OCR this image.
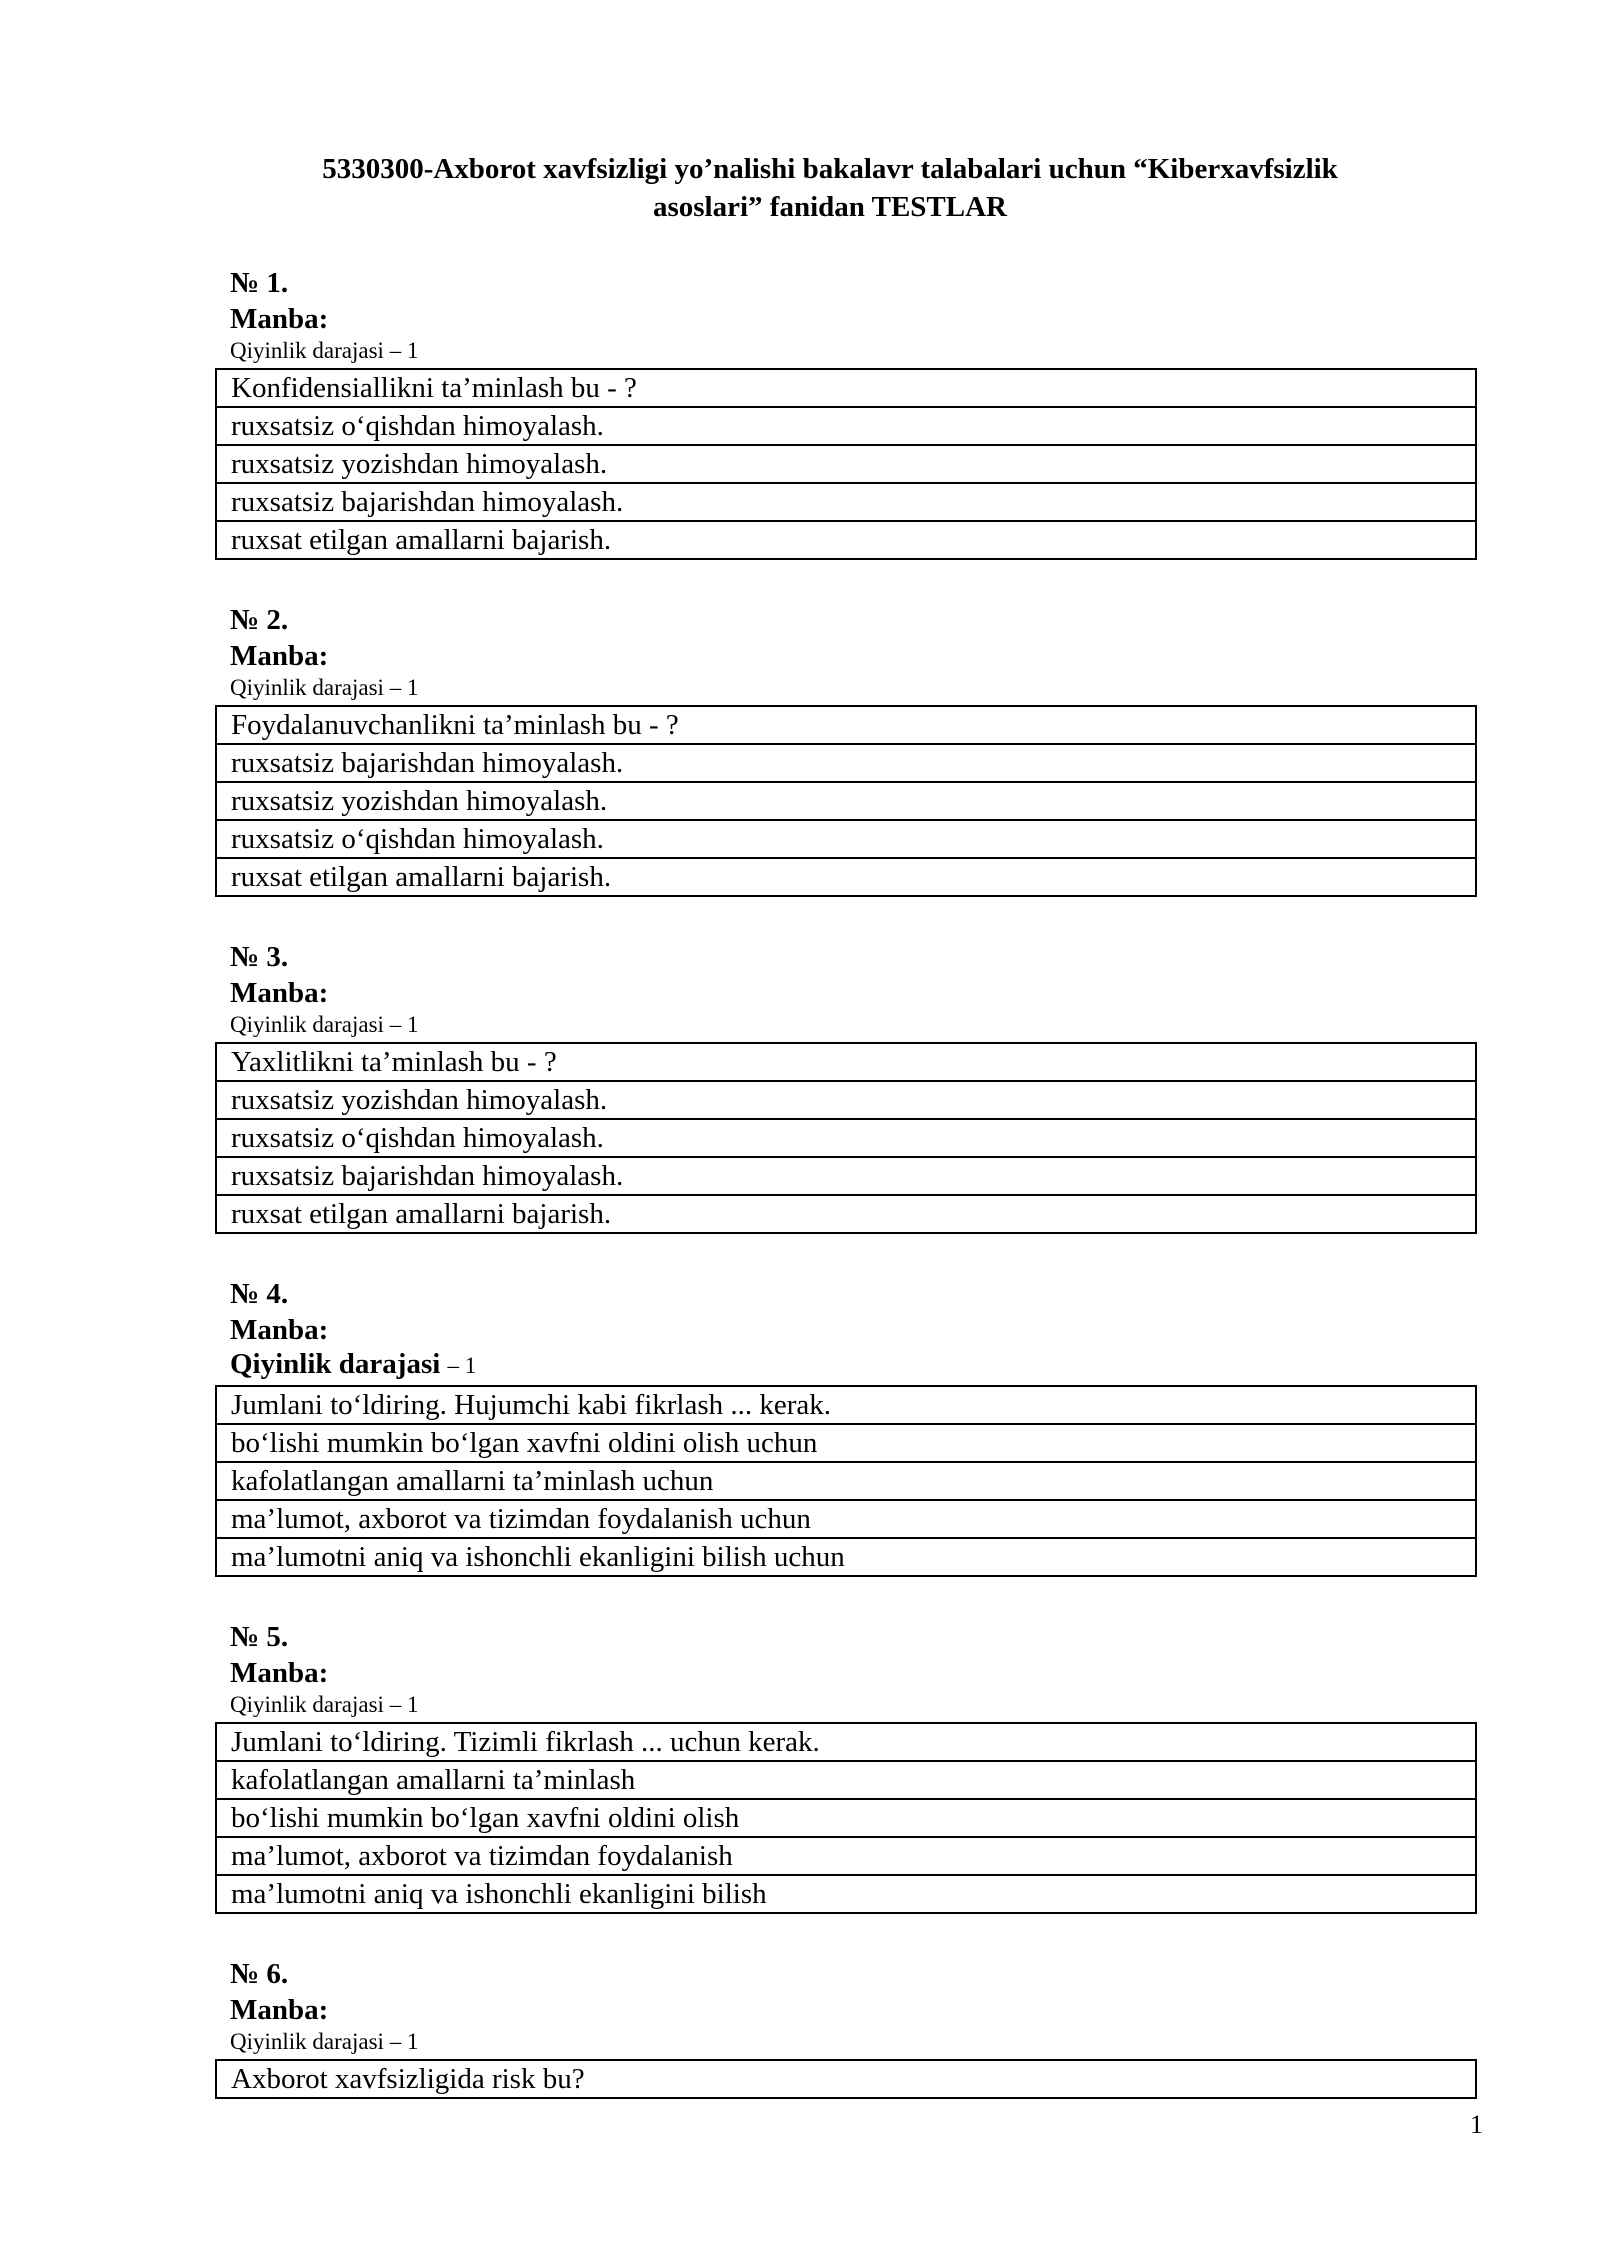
5330300-Axborot xavfsizligi yo’nalishi bakalavr talabalari uchun “Kiberxavfsizlik
asoslari” fanidan TESTLAR
№ 1.
Manba:
Qiyinlik darajasi – 1
Konfidensiallikni ta’minlash bu - ?
ruxsatsiz o‘qishdan himoyalash.
ruxsatsiz yozishdan himoyalash.
ruxsatsiz bajarishdan himoyalash.
ruxsat etilgan amallarni bajarish.
№ 2.
Manba:
Qiyinlik darajasi – 1
Foydalanuvchanlikni ta’minlash bu - ?
ruxsatsiz bajarishdan himoyalash.
ruxsatsiz yozishdan himoyalash.
ruxsatsiz o‘qishdan himoyalash.
ruxsat etilgan amallarni bajarish.
№ 3.
Manba:
Qiyinlik darajasi – 1
Yaxlitlikni ta’minlash bu - ?
ruxsatsiz yozishdan himoyalash.
ruxsatsiz o‘qishdan himoyalash.
ruxsatsiz bajarishdan himoyalash.
ruxsat etilgan amallarni bajarish.
№ 4.
Manba:
Qiyinlik darajasi – 1
Jumlani to‘ldiring. Hujumchi kabi fikrlash ... kerak.
bo‘lishi mumkin bo‘lgan xavfni oldini olish uchun
kafolatlangan amallarni ta’minlash uchun
ma’lumot, axborot va tizimdan foydalanish uchun
ma’lumotni aniq va ishonchli ekanligini bilish uchun
№ 5.
Manba:
Qiyinlik darajasi – 1
Jumlani to‘ldiring. Tizimli fikrlash ... uchun kerak.
kafolatlangan amallarni ta’minlash
bo‘lishi mumkin bo‘lgan xavfni oldini olish
ma’lumot, axborot va tizimdan foydalanish
ma’lumotni aniq va ishonchli ekanligini bilish
№ 6.
Manba:
Qiyinlik darajasi – 1
Axborot xavfsizligida risk bu?
1
